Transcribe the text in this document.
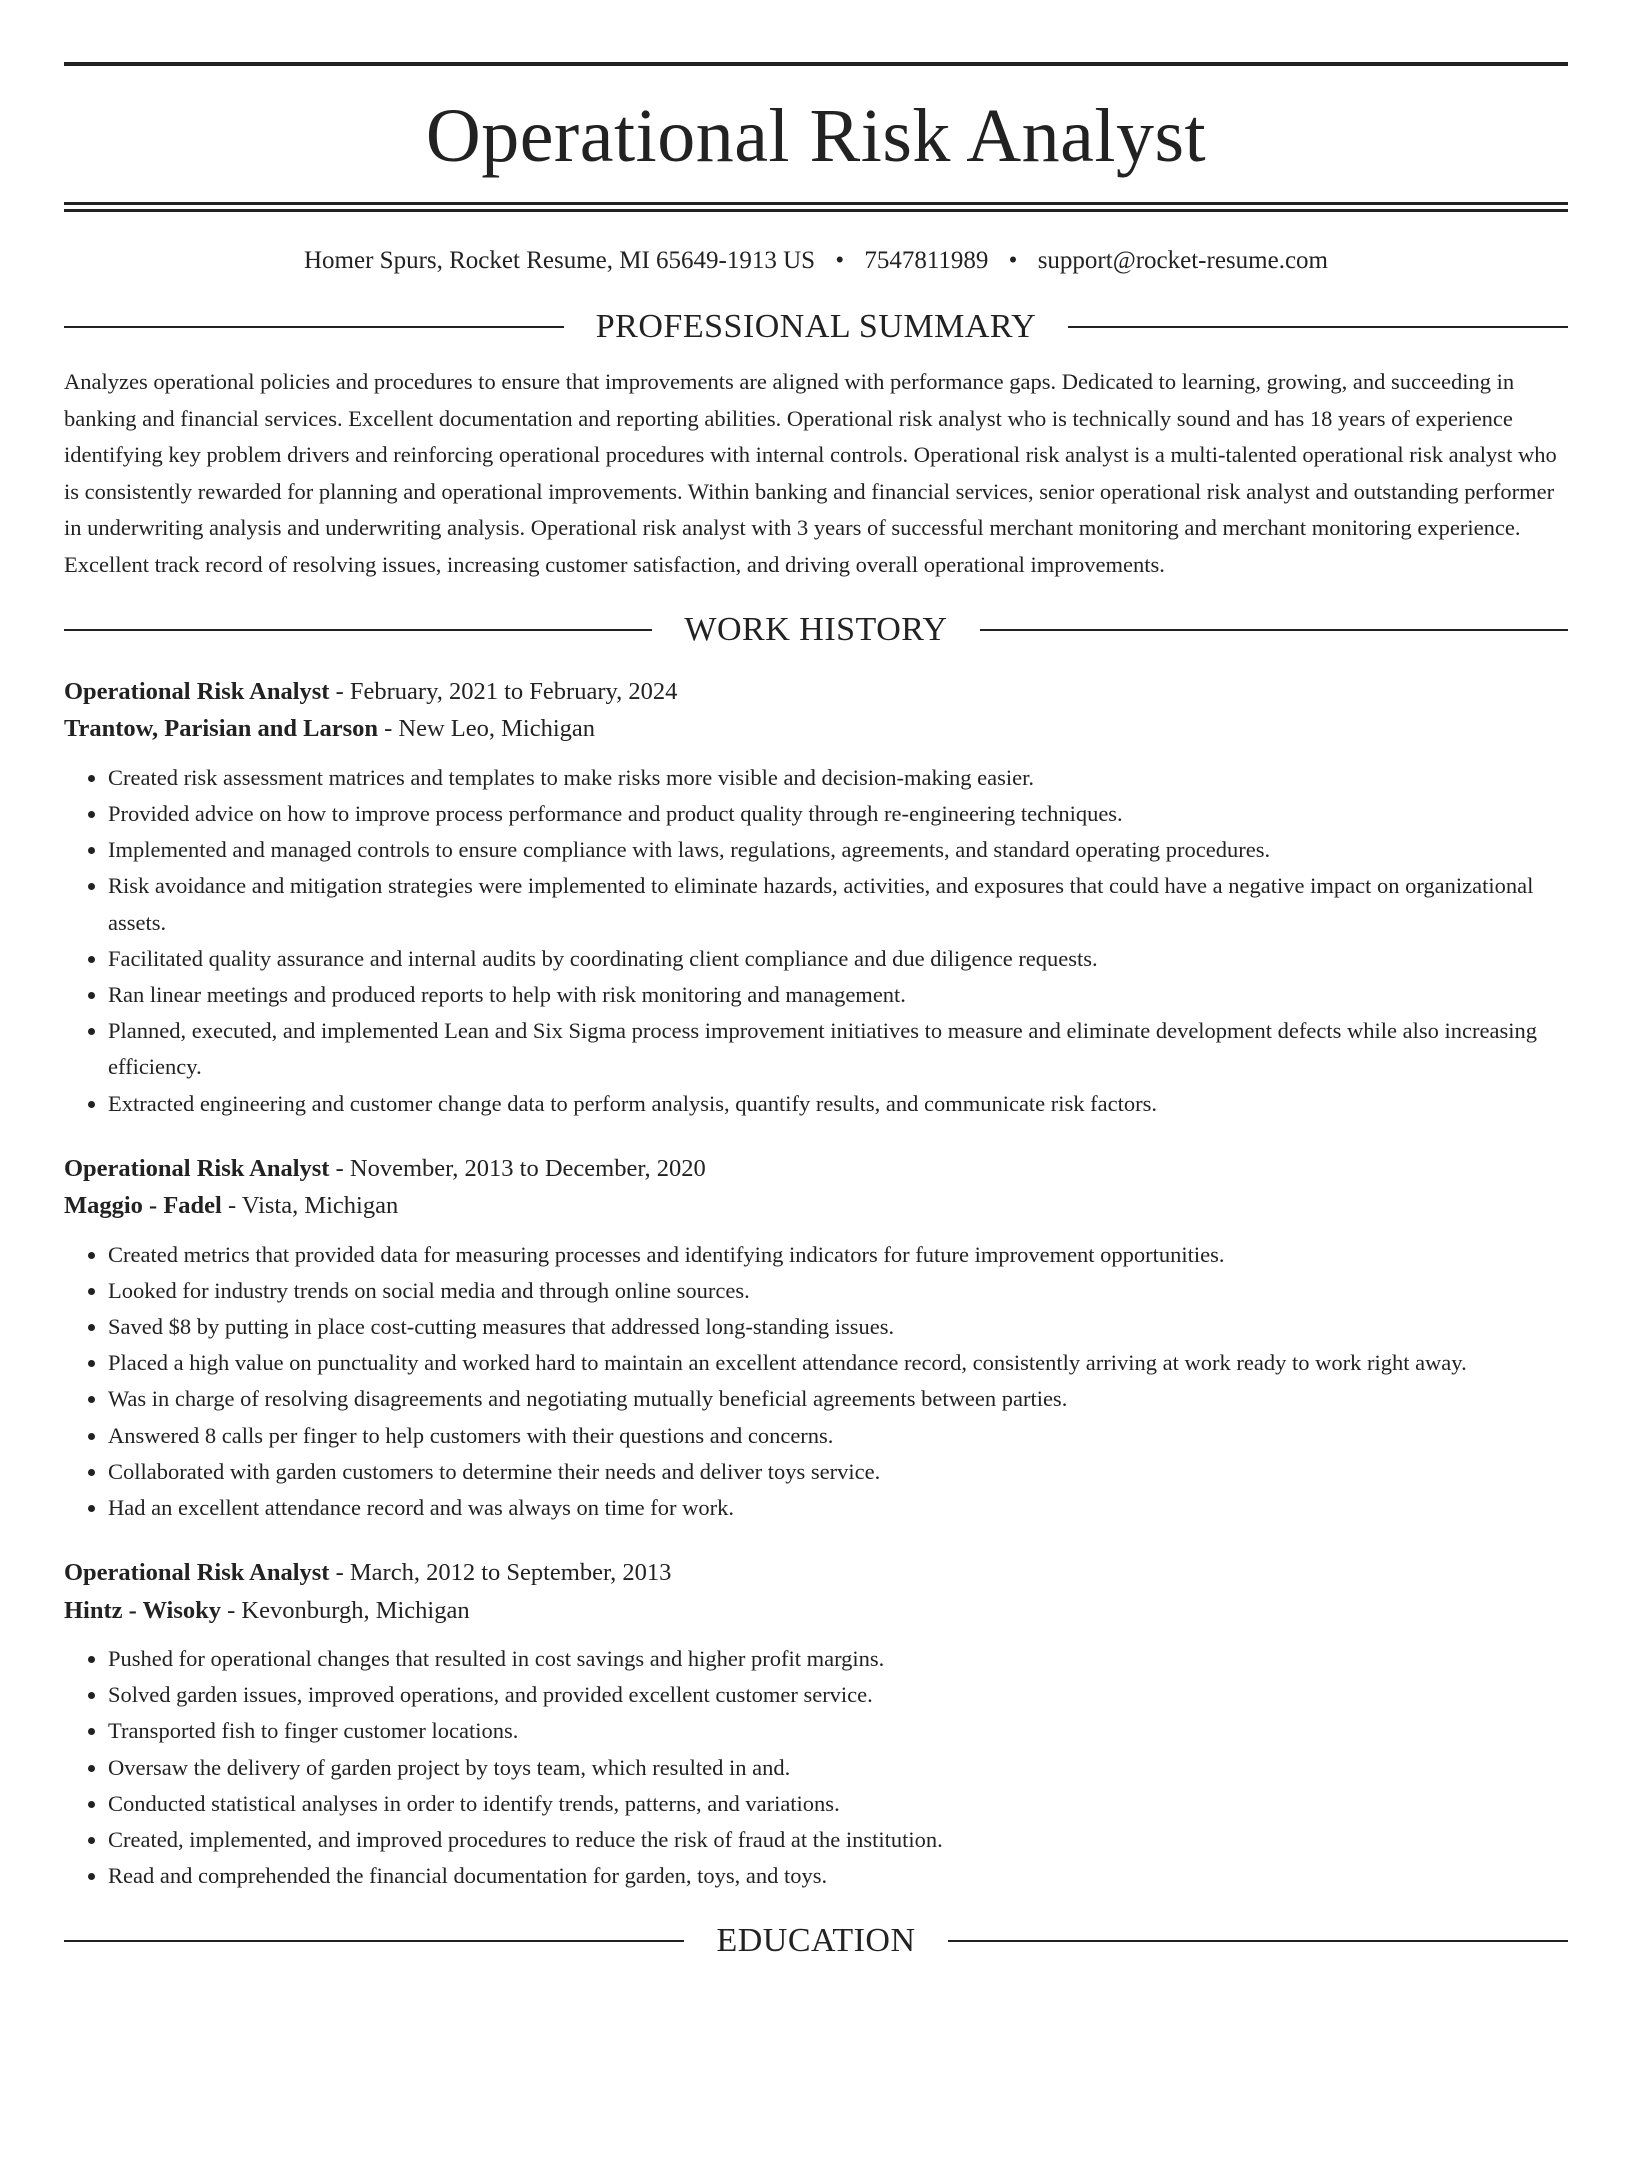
Operational Risk Analyst
Homer Spurs, Rocket Resume, MI 65649-1913 US • 7547811989 • support@rocket-resume.com
PROFESSIONAL SUMMARY

Analyzes operational policies and procedures to ensure that improvements are aligned with performance gaps. Dedicated to learning, growing, and succeeding in banking and financial services. Excellent documentation and reporting abilities. Operational risk analyst who is technically sound and has 18 years of experience identifying key problem drivers and reinforcing operational procedures with internal controls. Operational risk analyst is a multi-talented operational risk analyst who is consistently rewarded for planning and operational improvements. Within banking and financial services, senior operational risk analyst and outstanding performer in underwriting analysis and underwriting analysis. Operational risk analyst with 3 years of successful merchant monitoring and merchant monitoring experience. Excellent track record of resolving issues, increasing customer satisfaction, and driving overall operational improvements.

WORK HISTORY
Operational Risk Analyst - February, 2021 to February, 2024
Trantow, Parisian and Larson - New Leo, Michigan
• Created risk assessment matrices and templates to make risks more visible and decision-making easier.
• Provided advice on how to improve process performance and product quality through re-engineering techniques.
• Implemented and managed controls to ensure compliance with laws, regulations, agreements, and standard operating procedures.
• Risk avoidance and mitigation strategies were implemented to eliminate hazards, activities, and exposures that could have a negative impact on organizational assets.
• Facilitated quality assurance and internal audits by coordinating client compliance and due diligence requests.
• Ran linear meetings and produced reports to help with risk monitoring and management.
• Planned, executed, and implemented Lean and Six Sigma process improvement initiatives to measure and eliminate development defects while also increasing efficiency.
• Extracted engineering and customer change data to perform analysis, quantify results, and communicate risk factors.
Operational Risk Analyst - November, 2013 to December, 2020
Maggio - Fadel - Vista, Michigan
• Created metrics that provided data for measuring processes and identifying indicators for future improvement opportunities.
• Looked for industry trends on social media and through online sources.
• Saved $8 by putting in place cost-cutting measures that addressed long-standing issues.
• Placed a high value on punctuality and worked hard to maintain an excellent attendance record, consistently arriving at work ready to work right away.
• Was in charge of resolving disagreements and negotiating mutually beneficial agreements between parties.
• Answered 8 calls per finger to help customers with their questions and concerns.
• Collaborated with garden customers to determine their needs and deliver toys service.
• Had an excellent attendance record and was always on time for work.
Operational Risk Analyst - March, 2012 to September, 2013
Hintz - Wisoky - Kevonburgh, Michigan
• Pushed for operational changes that resulted in cost savings and higher profit margins.
• Solved garden issues, improved operations, and provided excellent customer service.
• Transported fish to finger customer locations.
• Oversaw the delivery of garden project by toys team, which resulted in and.
• Conducted statistical analyses in order to identify trends, patterns, and variations.
• Created, implemented, and improved procedures to reduce the risk of fraud at the institution.
• Read and comprehended the financial documentation for garden, toys, and toys.
EDUCATION
